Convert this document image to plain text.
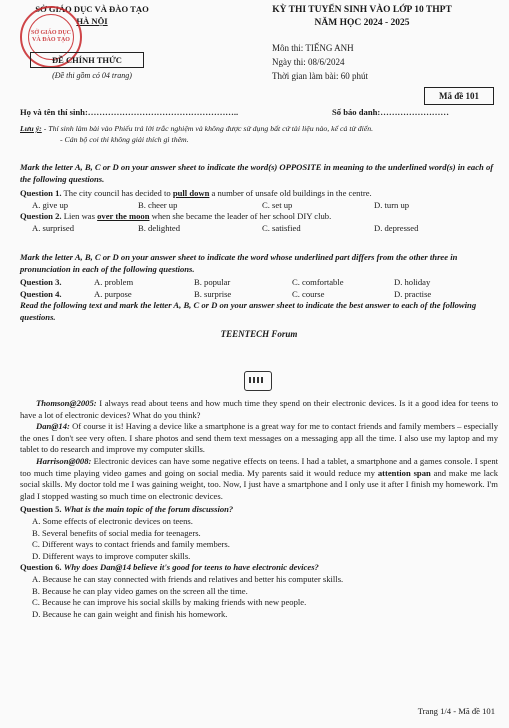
SỞ GIÁO DỤC VÀ ĐÀO TẠO
HÀ NỘI
SỞ GIÁO DỤC
VÀ ĐÀO TẠO
ĐỀ CHÍNH THỨC
(Đề thi gồm có 04 trang)
KỲ THI TUYỂN SINH VÀO LỚP 10 THPT
NĂM HỌC 2024 - 2025
Môn thi: TIẾNG ANH
Ngày thi: 08/6/2024
Thời gian làm bài: 60 phút
Mã đề 101
Họ và tên thí sinh:……………………………………………..	Số báo danh:……………………
Lưu ý: - Thí sinh làm bài vào Phiếu trả lời trắc nghiệm và không được sử dụng bất cứ tài liệu nào, kể cả từ điển.
- Cán bộ coi thi không giải thích gì thêm.

Mark the letter A, B, C or D on your answer sheet to indicate the word(s) OPPOSITE in meaning to the underlined word(s) in each of the following questions.

Question 1. The city council has decided to pull down a number of unsafe old buildings in the centre.

A. give up	B. cheer up	C. set up	D. turn up

Question 2. Lien was over the moon when she became the leader of her school DIY club.

A. surprised	B. delighted	C. satisfied	D. depressed

Mark the letter A, B, C or D on your answer sheet to indicate the word whose underlined part differs from the other three in pronunciation in each of the following questions.

Question 3.	A. problem	B. popular	C. comfortable	D. holiday
Question 4.	A. purpose	B. surprise	C. course	D. practise

Read the following text and mark the letter A, B, C or D on your answer sheet to indicate the best answer to each of the following questions.

TEENTECH Forum

Thomson@2005: I always read about teens and how much time they spend on their electronic devices. Is it a good idea for teens to have a lot of electronic devices? What do you think?

Dan@14: Of course it is! Having a device like a smartphone is a great way for me to contact friends and family members – especially the ones I don't see very often. I share photos and send them text messages on a messaging app all the time. I also use my laptop and my tablet to do research and improve my computer skills.

Harrison@008: Electronic devices can have some negative effects on teens. I had a tablet, a smartphone and a games console. I spent too much time playing video games and going on social media. My parents said it would reduce my attention span and make me lack social skills. My doctor told me I was gaining weight, too. Now, I just have a smartphone and I only use it after I finish my homework. I'm glad I stopped wasting so much time on electronic devices.

Question 5. What is the main topic of the forum discussion?

A. Some effects of electronic devices on teens.
B. Several benefits of social media for teenagers.
C. Different ways to contact friends and family members.
D. Different ways to improve computer skills.

Question 6. Why does Dan@14 believe it's good for teens to have electronic devices?

A. Because he can stay connected with friends and relatives and better his computer skills.
B. Because he can play video games on the screen all the time.
C. Because he can improve his social skills by making friends with new people.
D. Because he can gain weight and finish his homework.
Trang 1/4 - Mã đề 101
